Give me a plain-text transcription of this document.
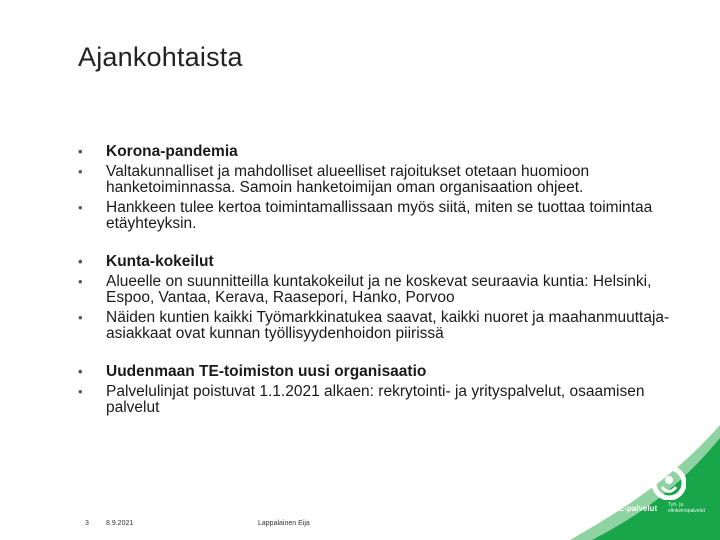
Ajankohtaista
• Korona-pandemia
• Valtakunnalliset ja mahdolliset alueelliset rajoitukset otetaan huomioon hanketoiminnassa. Samoin hanketoimijan oman organisaation ohjeet.
• Hankkeen tulee kertoa toimintamallissaan myös siitä, miten se tuottaa toimintaa etäyhteyksin.
• Kunta-kokeilut
• Alueelle on suunnitteilla kuntakokeilut ja ne koskevat seuraavia kuntia: Helsinki, Espoo, Vantaa, Kerava, Raasepori, Hanko, Porvoo
• Näiden kuntien kaikki Työmarkkinatukea saavat, kaikki nuoret ja maahanmuuttaja-asiakkaat ovat kunnan työllisyydenhoidon piirissä
• Uudenmaan TE-toimiston uusi organisaatio
• Palvelulinjat poistuvat 1.1.2021 alkaen: rekrytointi- ja yrityspalvelut, osaamisen palvelut
3 8.9.2021	Lappalainen Eija
TE-palvelut Työ- ja elinkeinopalvelut
